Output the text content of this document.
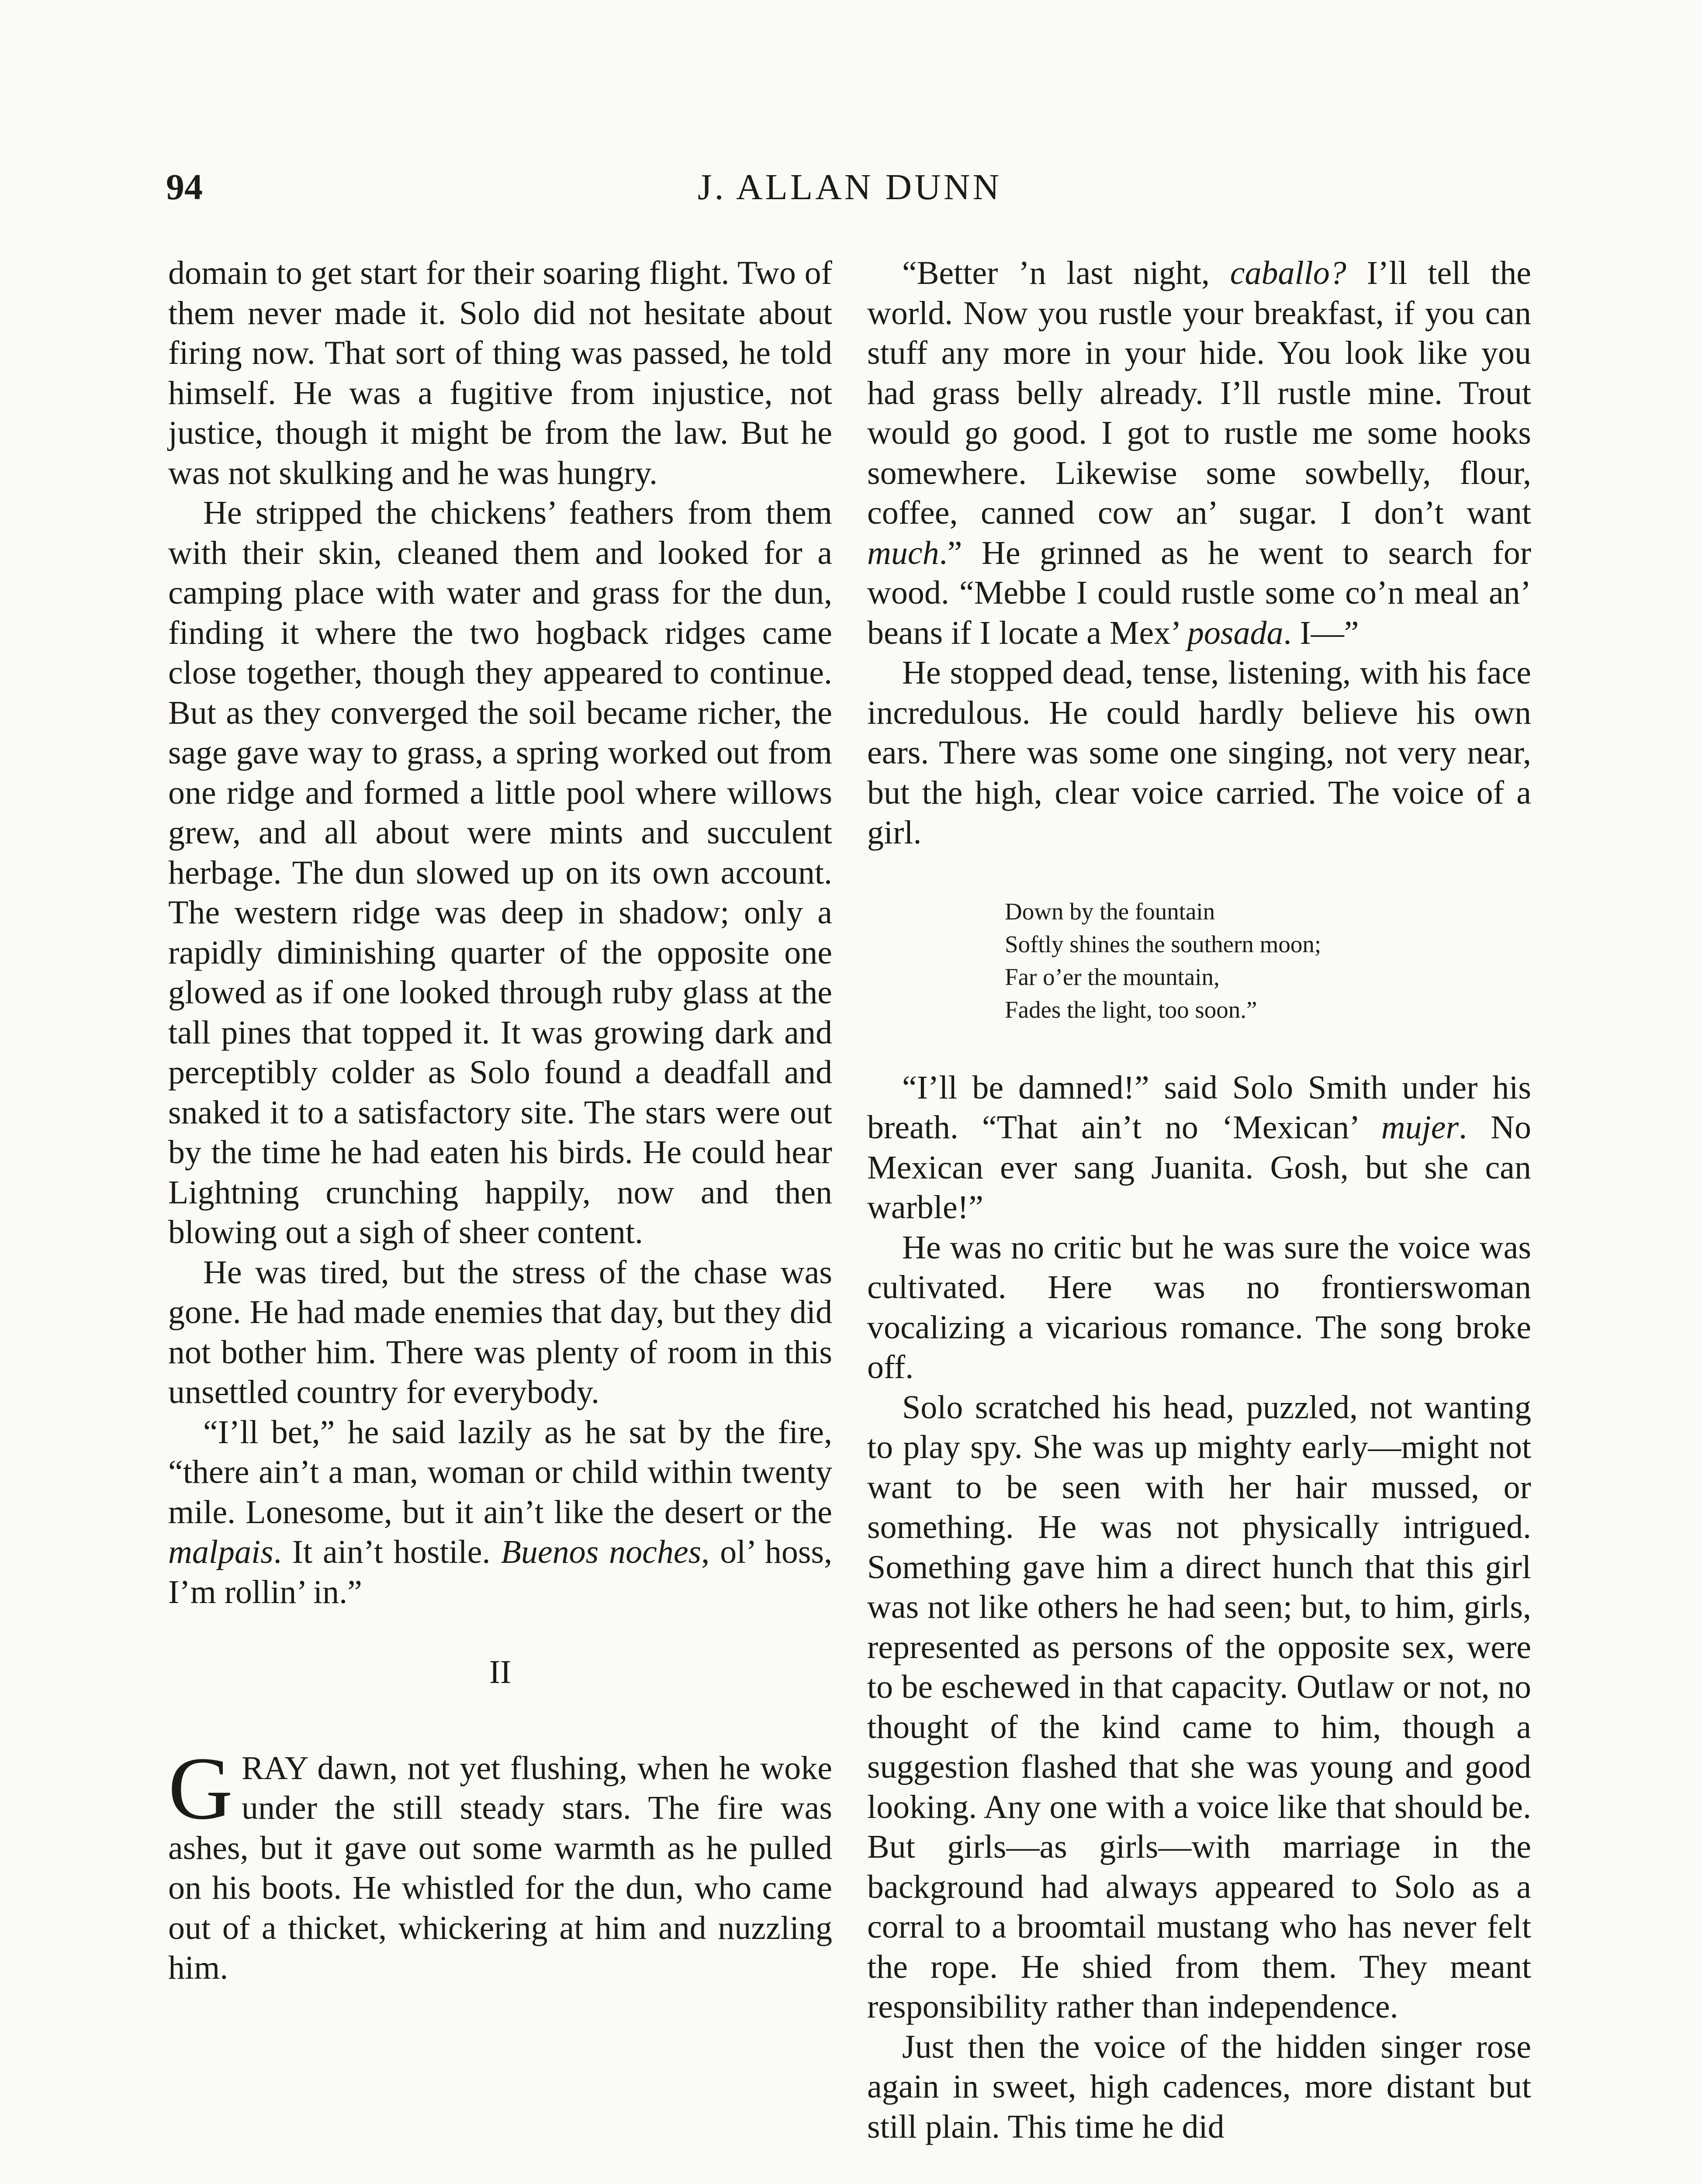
94	J. ALLAN DUNN

domain to get start for their soaring flight. Two of them never made it. Solo did not hesitate about firing now. That sort of thing was passed, he told himself. He was a fugitive from injustice, not justice, though it might be from the law. But he was not skulking and he was hungry.

He stripped the chickens’ feathers from them with their skin, cleaned them and looked for a camping place with water and grass for the dun, finding it where the two hogback ridges came close together, though they appeared to continue. But as they converged the soil became richer, the sage gave way to grass, a spring worked out from one ridge and formed a little pool where willows grew, and all about were mints and succulent herbage. The dun slowed up on its own account. The western ridge was deep in shadow; only a rapidly diminishing quarter of the opposite one glowed as if one looked through ruby glass at the tall pines that topped it. It was growing dark and perceptibly colder as Solo found a deadfall and snaked it to a satisfactory site. The stars were out by the time he had eaten his birds. He could hear Lightning crunching happily, now and then blowing out a sigh of sheer content.

He was tired, but the stress of the chase was gone. He had made enemies that day, but they did not bother him. There was plenty of room in this unsettled country for everybody.

“I’ll bet,” he said lazily as he sat by the fire, “there ain’t a man, woman or child within twenty mile. Lonesome, but it ain’t like the desert or the malpais. It ain’t hostile. Buenos noches, ol’ hoss, I’m rollin’ in.”

II

GRAY dawn, not yet flushing, when he woke under the still steady stars. The fire was ashes, but it gave out some warmth as he pulled on his boots. He whistled for the dun, who came out of a thicket, whickering at him and nuzzling him.

“Better ’n last night, caballo? I’ll tell the world. Now you rustle your breakfast, if you can stuff any more in your hide. You look like you had grass belly already. I’ll rustle mine. Trout would go good. I got to rustle me some hooks somewhere. Likewise some sowbelly, flour, coffee, canned cow an’ sugar. I don’t want much.” He grinned as he went to search for wood. “Mebbe I could rustle some co’n meal an’ beans if I locate a Mex’ posada. I—”

He stopped dead, tense, listening, with his face incredulous. He could hardly believe his own ears. There was some one singing, not very near, but the high, clear voice carried. The voice of a girl.

Down by the fountain
Softly shines the southern moon;
Far o’er the mountain,
Fades the light, too soon.”

“I’ll be damned!” said Solo Smith under his breath. “That ain’t no ‘Mexican’ mujer. No Mexican ever sang Juanita. Gosh, but she can warble!”

He was no critic but he was sure the voice was cultivated. Here was no frontierswoman vocalizing a vicarious romance. The song broke off.

Solo scratched his head, puzzled, not wanting to play spy. She was up mighty early—might not want to be seen with her hair mussed, or something. He was not physically intrigued. Something gave him a direct hunch that this girl was not like others he had seen; but, to him, girls, represented as persons of the opposite sex, were to be eschewed in that capacity. Outlaw or not, no thought of the kind came to him, though a suggestion flashed that she was young and good looking. Any one with a voice like that should be. But girls—as girls—with marriage in the background had always appeared to Solo as a corral to a broomtail mustang who has never felt the rope. He shied from them. They meant responsibility rather than independence.

Just then the voice of the hidden singer rose again in sweet, high cadences, more distant but still plain. This time he did
